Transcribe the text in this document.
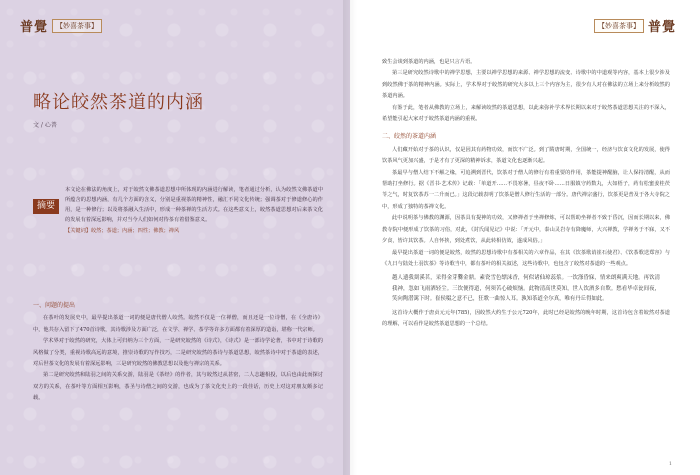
普覺	【妙喜茶事】
略论皎然茶道的内涵
文 / 心普
摘要

本文论在佛法的角度上，对于皎然文佛茶道思想中所体现的内涵进行解读，笔者通过分析，认为皎然文佛茶道中所蕴含的思想内涵，有几个方面的含义，分别是重视茶的精神性，融汇不同文化传统；强调茶对于修道修心的作用，是一种修行；以及将茶融入生活中，形成一种茶禅的生活方式。在这些意义上，皎然茶道思想对后来茶文化的发展有着深远影响，并对当今人们如何对待茶有着借鉴意义。

【关键词】皎然；茶道；内涵；四性；佛教；禅风

一、问题的提出

在茶叶的发展史中，最早提出茶道一词的便是唐代僧人皎然。皎然不仅是一位禅僧，而且还是一位诗僧，在《全唐诗》中，他共存入留下了470首诗歌，其诗歌涉及方面广泛，在文学、禅学、茶学等许多方面都有着深厚的造诣，堪称一代宗师。

学术界对于皎然的研究，大体上可归纳为三个方面，一是研究皎然的《诗式》，《诗式》是一部诗学论著，书中对于诗歌的风格做了分类，重视诗歌高远的意境，推崇诗歌的写作技巧，二是研究皎然的茶诗与茶道思想，皎然茶诗中对于茶道的表述，对后世茶文化的发展有着深远影响，三是研究皎然的佛教思想以及他与禅宗的关系。

第二是研究皎然和陆羽之间的关系交游，陆羽是《茶经》的作者，其与皎然过从甚密，二人志趣相投，以后也由此而探讨双方的关系，在茶叶等方面相互影响，茶圣与诗僧之间的交游，也成为了茶文化史上的一段佳话，历史上对这对朋友颇多记载。

【妙喜茶事】 普覺

致生会谈到茶道的内涵，也是只言片语。

第三是研究皎然诗歌中的禅学思想，主要以禅学思想的来源、禅学思想的流变、诗歌中的中道观等内容，基本上很少涉及到皎然佛于茶的精神内涵。实际上，学术界对于皎然的研究大多以上三个内容为主，很少有人对在佛法的立场上来分析皎然的茶道内涵。

有鉴于此，笔者从佛教的立场上，来解读皎然的茶道思想，以此来弥补学术界长期以来对于皎然茶道思想关注的不深入，希望能引起大家对于皎然茶道内涵的重视。

二、皎然的茶道内涵

人们藏开始对于茶的认识，仅是因其有药物功效，而饮不广泛。到了隋唐时期，全国统一，经济与饮食文化的发展，使得饮茶风气更加兴盛，于是才有了更深的精神诉求，茶道文化也逐渐兴起。

茶最早与僧人结下不解之缘，可追溯到晋代，饮茶对于僧人的修行有着重要的作用，茶能提神醒脑，让人保持清醒，从而帮助打坐修行。据《晋书·艺术传》记载：「单道开……不畏寒暑，昼夜不卧……日服镇守药数丸，大如梧子，药有松蜜姜桂茯苓之气，时复饮茶苏一二升而已。」这段记载表明了饮茶是僧人修行生活的一部分。唐代禅宗盛行，饮茶更是普及于各大寺院之中，形成了独特的茶禅文化。

此中说明茶与佛教的渊源，因茶具有提神的功效，又修禅者于坐禅修炼，可以帮助坐禅者不致于昏沉，因而长期以来，佛教寺院中便形成了饮茶的习俗，对此，《封氏闻见记》中说：「开元中，泰山灵岩寺有降魔师，大兴禅教，学禅务于不寐，又不夕食，皆许其饮茶。人自怀挟，到处煮饮，从此转相仿效，遂成风俗。」

最早提出茶道一词的便是皎然，皎然的思想诗歌中有茶相关的六章作品，在其《饮茶歌诮崔石使君》、《饮茶歌送郑容》与《九日与陆处士羽饮茶》等诗歌当中，都有茶叶的相关叙述，这些诗歌中，也包含了皎然对茶道的一些观点。

越人遗我剡溪茗，采得金芽爨金鼎。素瓷雪色缥沫香，何似诸仙琼蕊浆。一饮涤昏寐，情来朗爽满天地。再饮清我神，忽如飞雨洒轻尘。三饮便得道，何须苦心破烦恼。此物清高世莫知，世人饮酒多自欺。愁看毕卓瓮间夜，笑向陶潜篱下时。崔侯啜之意不已，狂歌一曲惊人耳。孰知茶道全尔真，唯有丹丘得如此。

这首诗大概作于唐贞元元年(785)，因皎然大约生于公元720年，此时已经是皎然的晚年时期，这首诗包含着皎然对茶道的理解，可以看作是皎然茶道思想的一个总结。

1
